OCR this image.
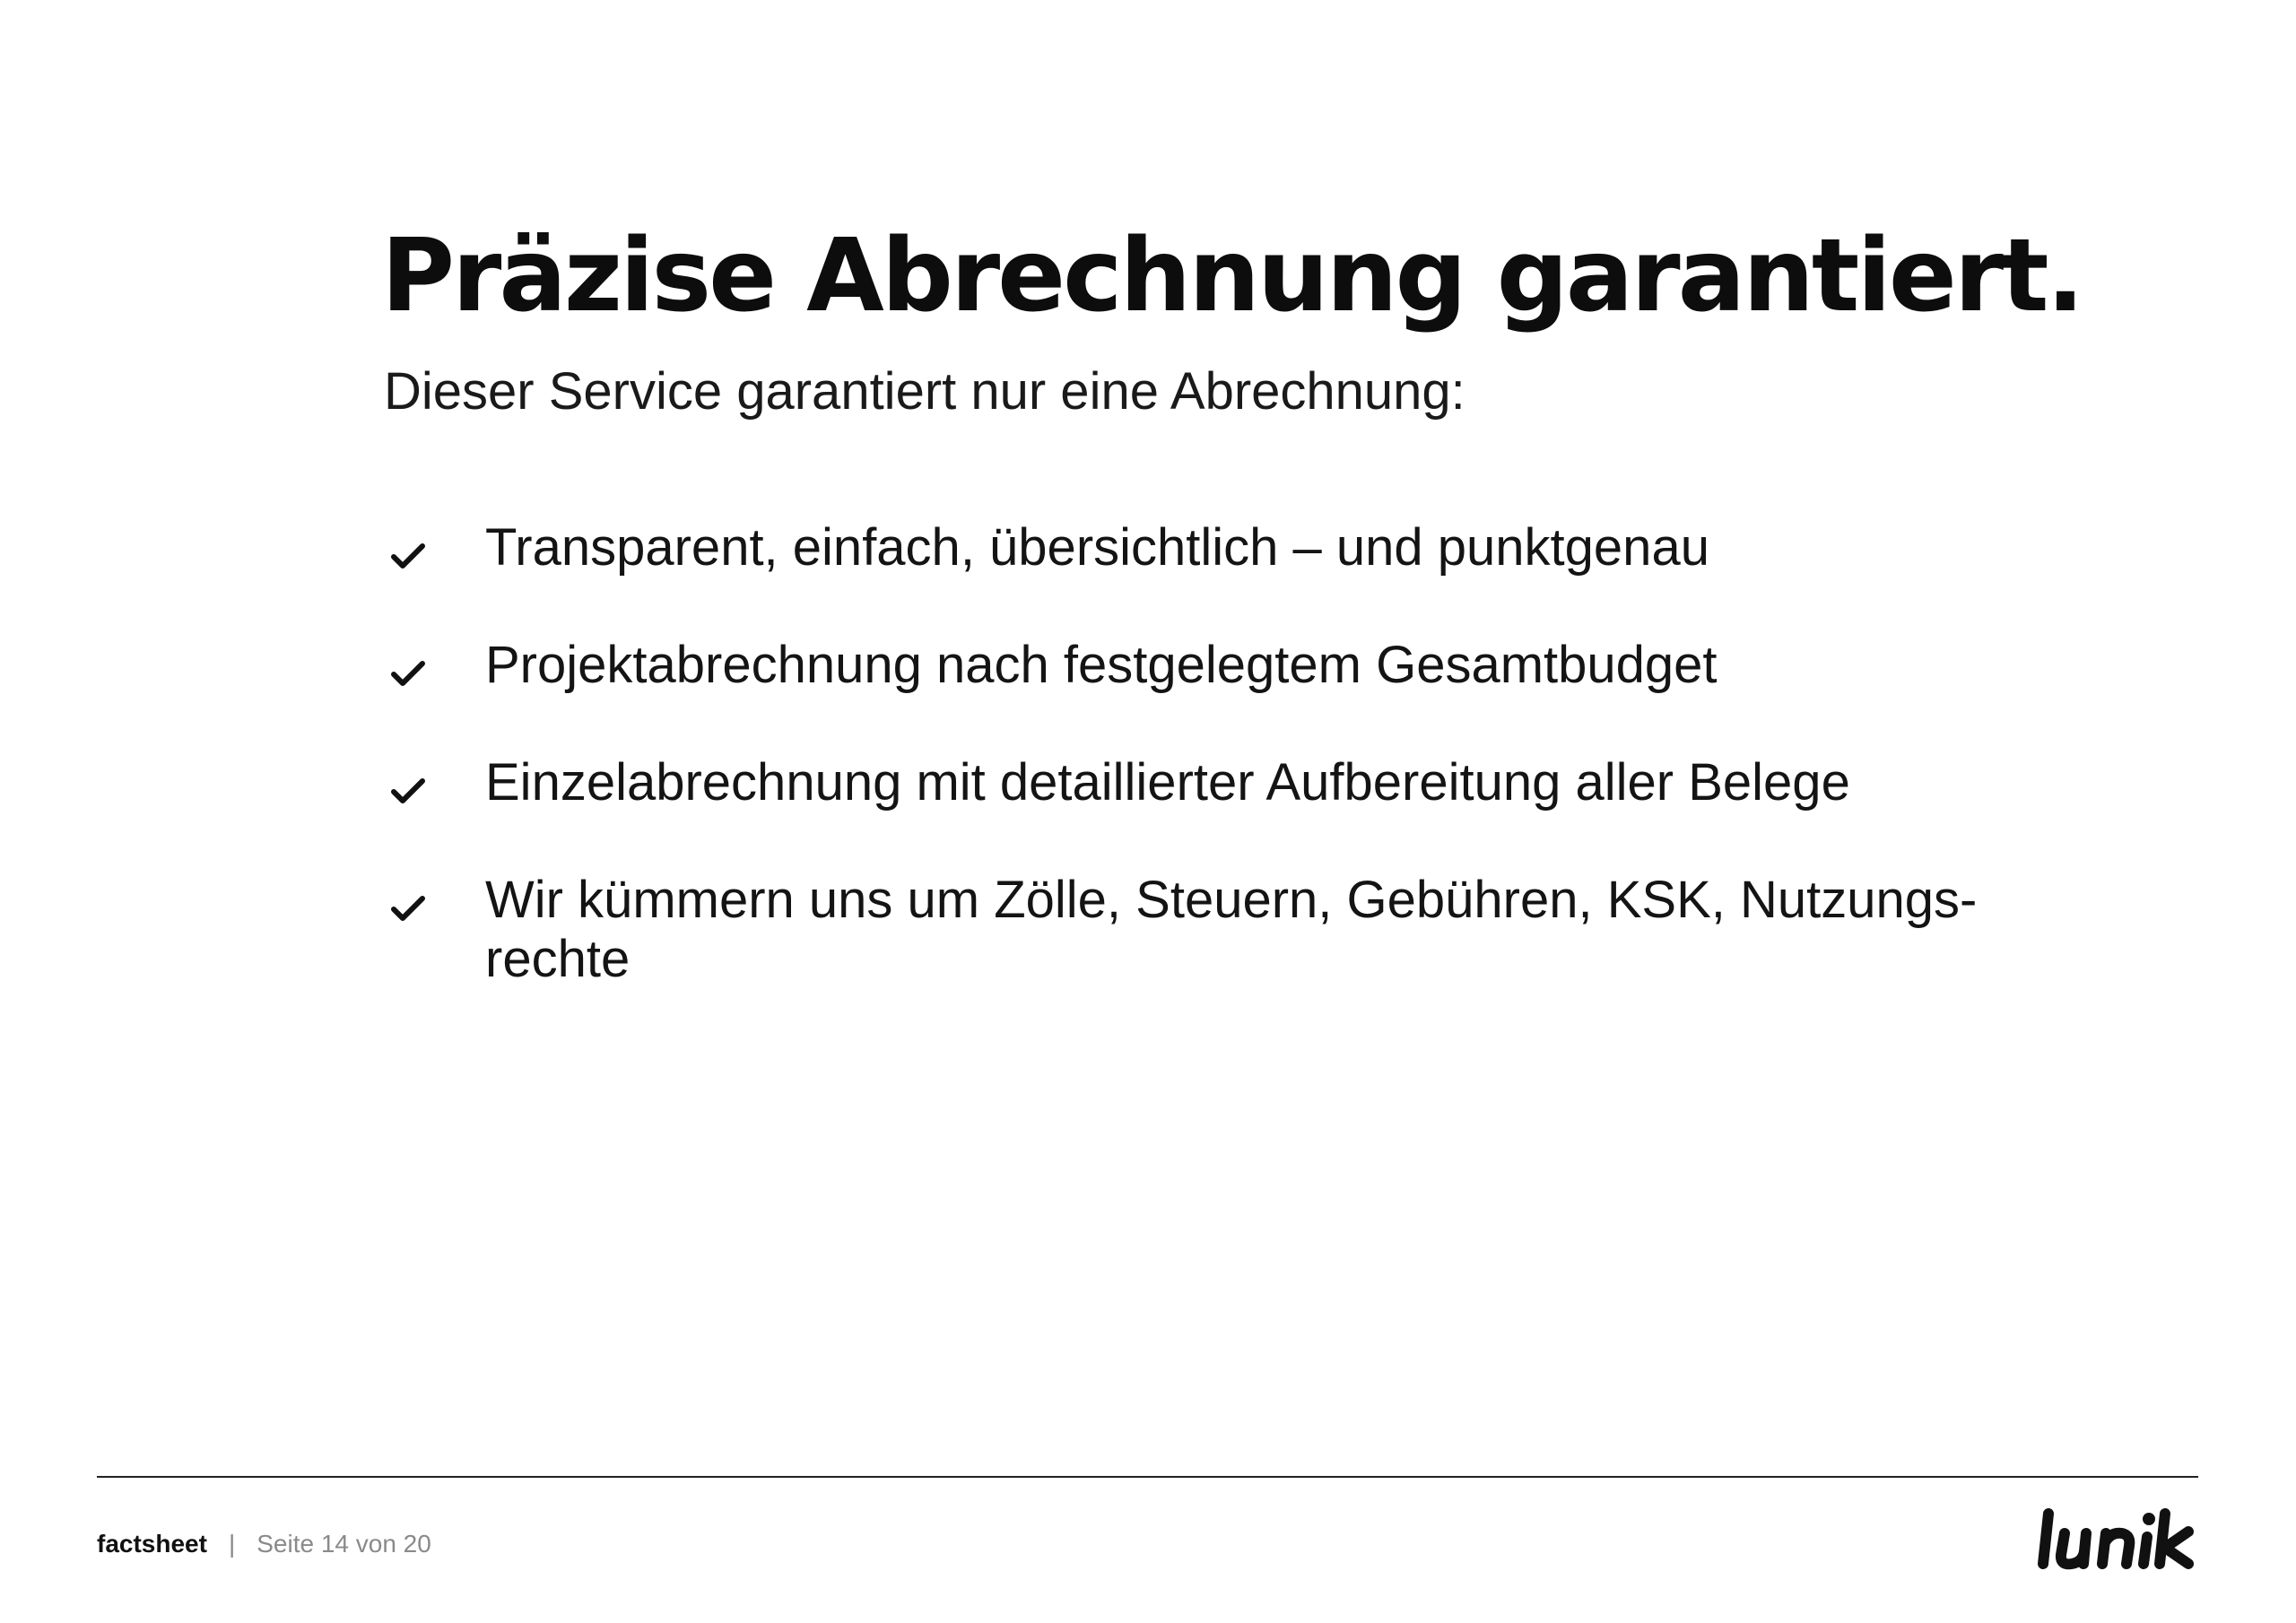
Präzise Abrechnung garantiert.

Dieser Service garantiert nur eine Abrechnung:

Transparent, einfach, übersichtlich – und punktgenau
Projektabrechnung nach festgelegtem Gesamtbudget
Einzelabrechnung mit detaillierter Aufbereitung aller Belege
Wir kümmern uns um Zölle, Steuern, Gebühren, KSK, Nutzungs-
rechte
factsheet | Seite 14 von 20
